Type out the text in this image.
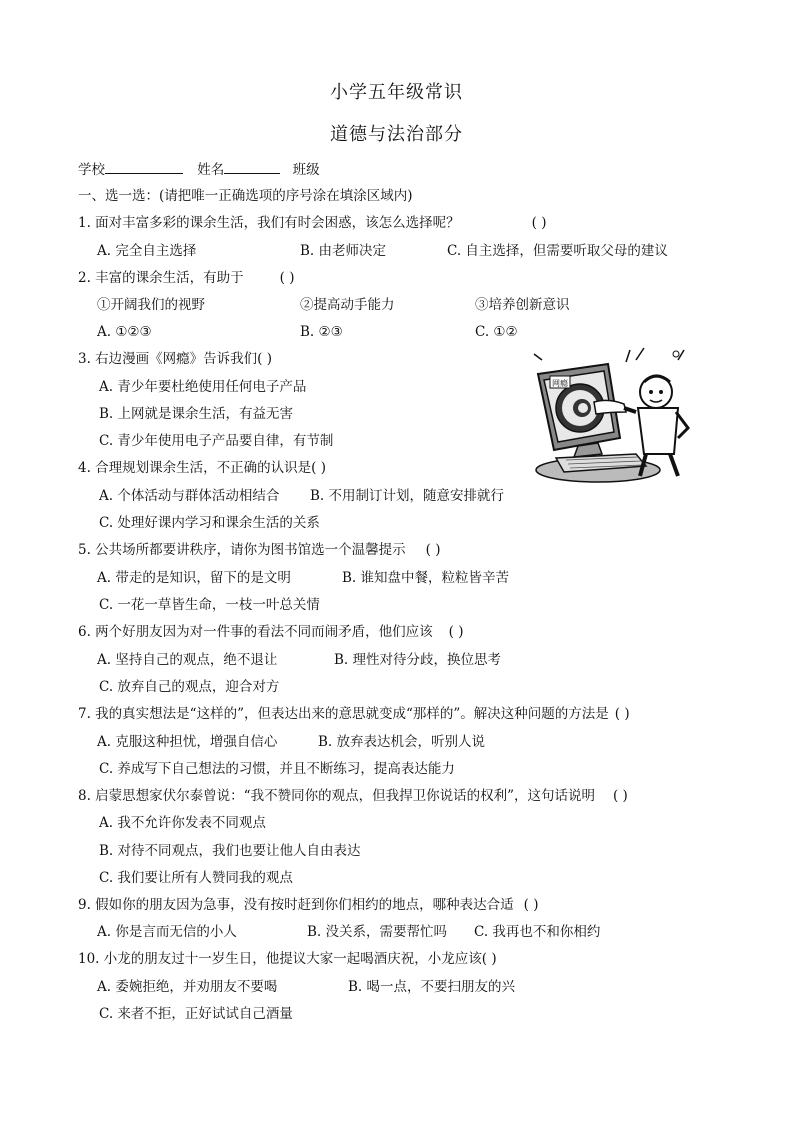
小学五年级常识
道德与法治部分
学校	姓名	班级
一、选一选：(请把唯一正确选项的序号涂在填涂区域内)
1. 面对丰富多彩的课余生活，我们有时会困惑，该怎么选择呢？	( )
A. 完全自主选择	B. 由老师决定	C. 自主选择，但需要听取父母的建议
2. 丰富的课余生活，有助于	( )
①开阔我们的视野	②提高动手能力	③培养创新意识
A. ①②③	B. ②③	C. ①②
3. 右边漫画《网瘾》告诉我们( )
A. 青少年要杜绝使用任何电子产品
B. 上网就是课余生活，有益无害
C. 青少年使用电子产品要自律，有节制
网瘾
4. 合理规划课余生活，不正确的认识是( )
A. 个体活动与群体活动相结合 B. 不用制订计划，随意安排就行
C. 处理好课内学习和课余生活的关系
5. 公共场所都要讲秩序，请你为图书馆选一个温馨提示 ( )
A. 带走的是知识，留下的是文明	B. 谁知盘中餐，粒粒皆辛苦
C. 一花一草皆生命，一枝一叶总关情
6. 两个好朋友因为对一件事的看法不同而闹矛盾，他们应该 ( )
A. 坚持自己的观点，绝不退让	B. 理性对待分歧，换位思考
C. 放弃自己的观点，迎合对方
7. 我的真实想法是“这样的”，但表达出来的意思就变成“那样的”。解决这种问题的方法是 ( )
A. 克服这种担忧，增强自信心	B. 放弃表达机会，听别人说
C. 养成写下自己想法的习惯，并且不断练习，提高表达能力
8. 启蒙思想家伏尔泰曾说：“我不赞同你的观点，但我捍卫你说话的权利”，这句话说明 ( )
A. 我不允许你发表不同观点
B. 对待不同观点，我们也要让他人自由表达
C. 我们要让所有人赞同我的观点
9. 假如你的朋友因为急事，没有按时赶到你们相约的地点，哪种表达合适 ( )
A. 你是言而无信的小人	B. 没关系，需要帮忙吗 C. 我再也不和你相约
10. 小龙的朋友过十一岁生日，他提议大家一起喝酒庆祝，小龙应该( )
A. 委婉拒绝，并劝朋友不要喝	B. 喝一点，不要扫朋友的兴
C. 来者不拒，正好试试自己酒量
